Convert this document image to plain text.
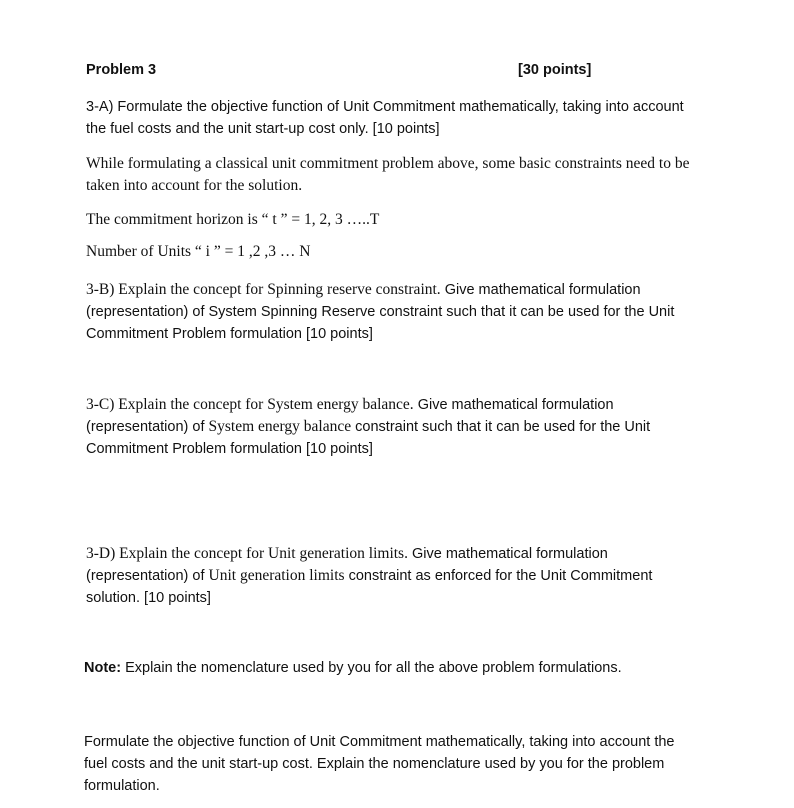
Problem 3	[30 points]
3-A) Formulate the objective function of Unit Commitment mathematically, taking into account
the fuel costs and the unit start-up cost only. [10 points]
While formulating a classical unit commitment problem above, some basic constraints need to be
taken into account for the solution.
The commitment horizon is “ t ” = 1, 2, 3 …..T
Number of Units “ i ” = 1 ,2 ,3 … N
3-B) Explain the concept for Spinning reserve constraint. Give mathematical formulation
(representation) of System Spinning Reserve constraint such that it can be used for the Unit
Commitment Problem formulation [10 points]
3-C) Explain the concept for System energy balance. Give mathematical formulation
(representation) of System energy balance constraint such that it can be used for the Unit
Commitment Problem formulation [10 points]
3-D) Explain the concept for Unit generation limits. Give mathematical formulation
(representation) of Unit generation limits constraint as enforced for the Unit Commitment
solution. [10 points]
Note: Explain the nomenclature used by you for all the above problem formulations.
Formulate the objective function of Unit Commitment mathematically, taking into account the
fuel costs and the unit start-up cost. Explain the nomenclature used by you for the problem
formulation.
